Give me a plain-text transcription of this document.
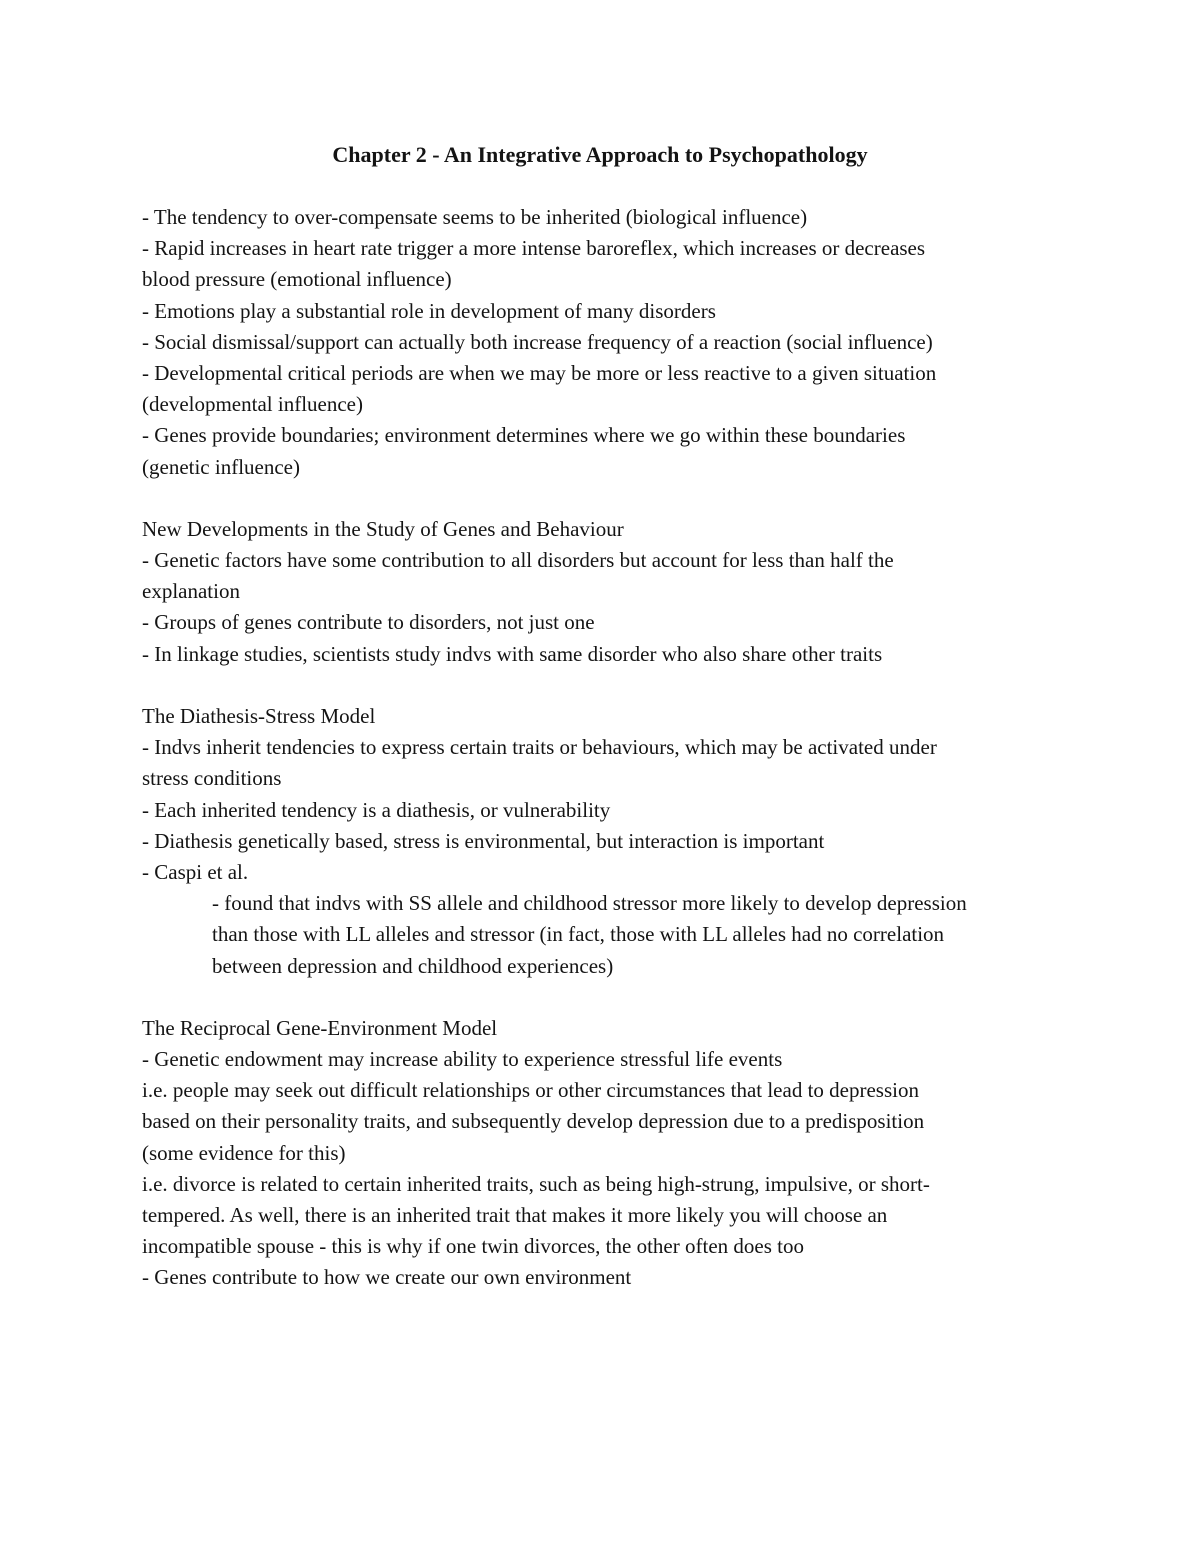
Chapter 2 - An Integrative Approach to Psychopathology
- The tendency to over-compensate seems to be inherited (biological influence)
- Rapid increases in heart rate trigger a more intense baroreflex, which increases or decreases
blood pressure (emotional influence)
- Emotions play a substantial role in development of many disorders
- Social dismissal/support can actually both increase frequency of a reaction (social influence)
- Developmental critical periods are when we may be more or less reactive to a given situation
(developmental influence)
- Genes provide boundaries; environment determines where we go within these boundaries
(genetic influence)
New Developments in the Study of Genes and Behaviour
- Genetic factors have some contribution to all disorders but account for less than half the
explanation
- Groups of genes contribute to disorders, not just one
- In linkage studies, scientists study indvs with same disorder who also share other traits
The Diathesis-Stress Model
- Indvs inherit tendencies to express certain traits or behaviours, which may be activated under
stress conditions
- Each inherited tendency is a diathesis, or vulnerability
- Diathesis genetically based, stress is environmental, but interaction is important
- Caspi et al.
- found that indvs with SS allele and childhood stressor more likely to develop depression
than those with LL alleles and stressor (in fact, those with LL alleles had no correlation
between depression and childhood experiences)
The Reciprocal Gene-Environment Model
- Genetic endowment may increase ability to experience stressful life events
i.e. people may seek out difficult relationships or other circumstances that lead to depression
based on their personality traits, and subsequently develop depression due to a predisposition
(some evidence for this)
i.e. divorce is related to certain inherited traits, such as being high-strung, impulsive, or short-
tempered. As well, there is an inherited trait that makes it more likely you will choose an
incompatible spouse - this is why if one twin divorces, the other often does too
- Genes contribute to how we create our own environment
